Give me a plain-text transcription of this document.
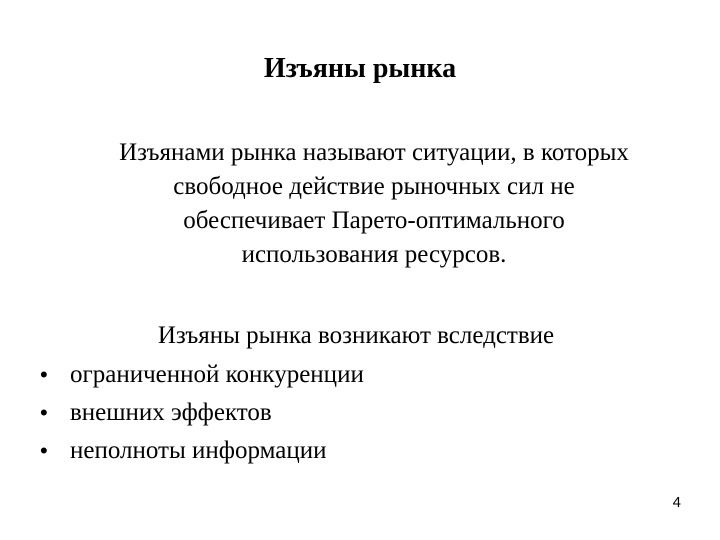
Изъяны рынка
Изъянами рынка называют ситуации, в которых
свободное действие рыночных сил не
обеспечивает Парето-оптимального
использования ресурсов.
Изъяны рынка возникают вследствие
• ограниченной конкуренции
• внешних эффектов
• неполноты информации
4
